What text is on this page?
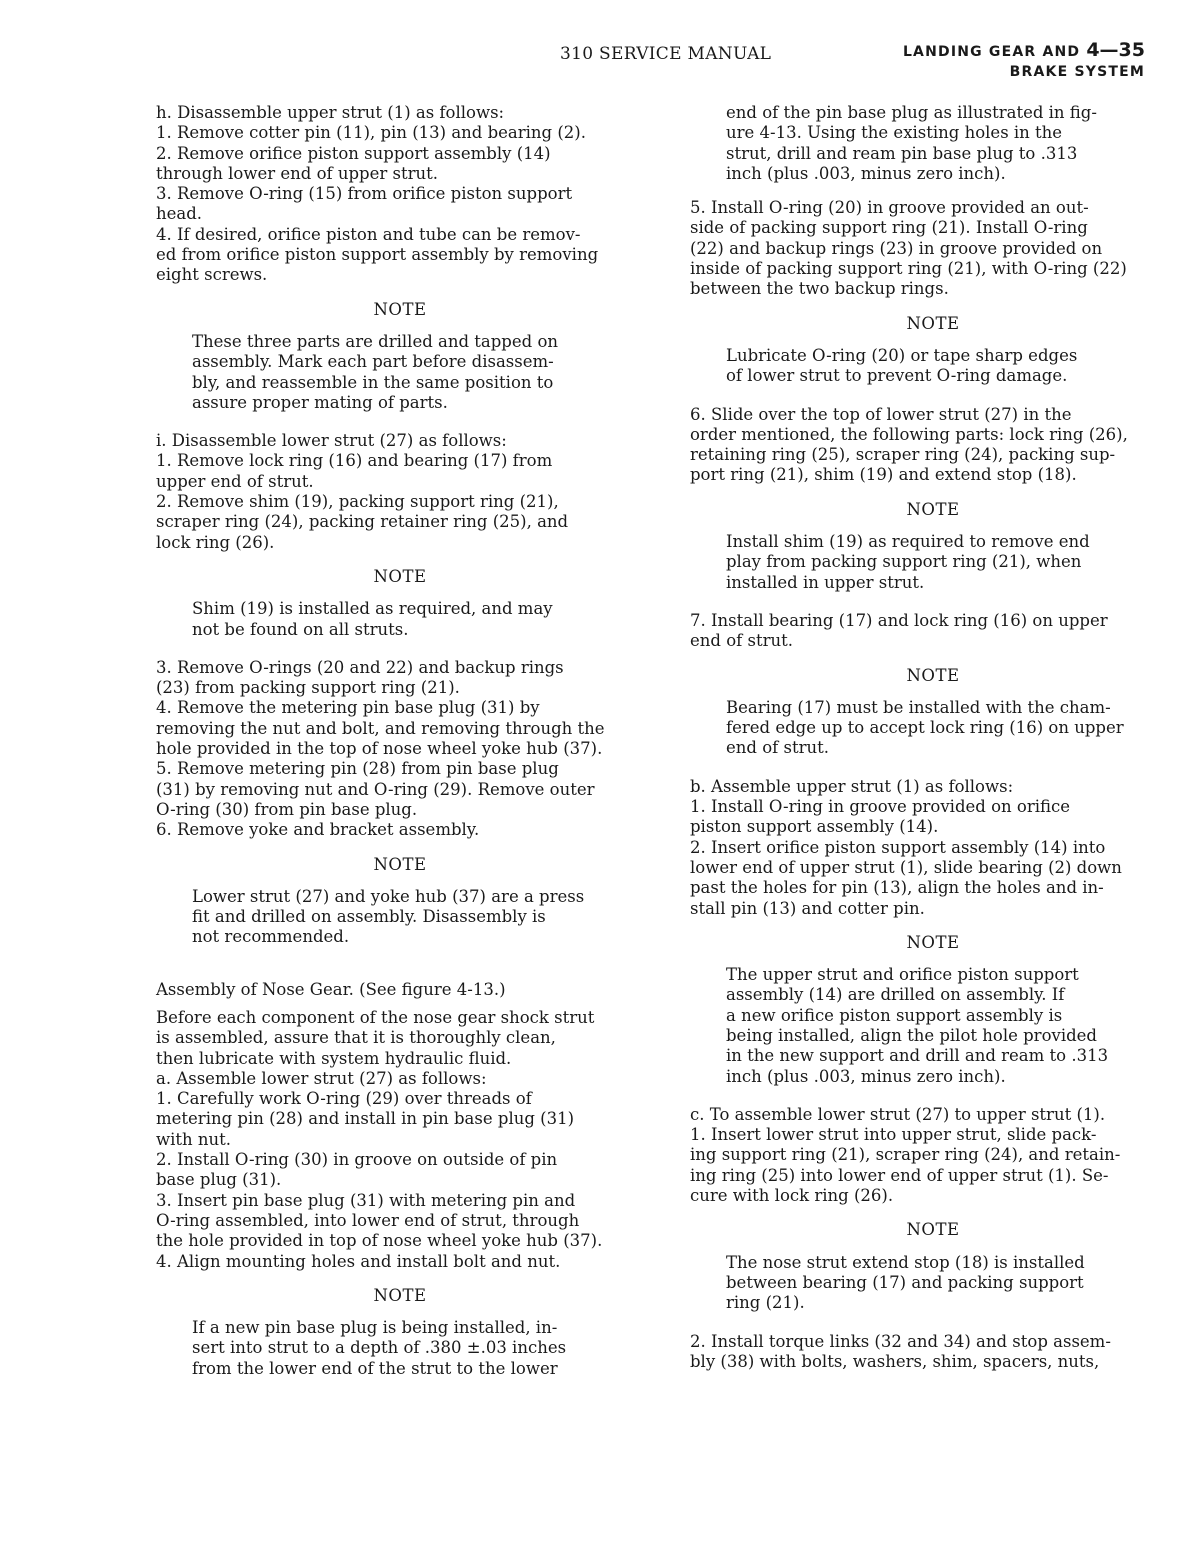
310 SERVICE MANUAL	LANDING GEAR AND 4—35
BRAKE SYSTEM

h. Disassemble upper strut (1) as follows:

1. Remove cotter pin (11), pin (13) and bearing (2).

2. Remove orifice piston support assembly (14)

through lower end of upper strut.

3. Remove O-ring (15) from orifice piston support

head.

4. If desired, orifice piston and tube can be remov-

ed from orifice piston support assembly by removing

eight screws.

NOTE
These three parts are drilled and tapped on
assembly. Mark each part before disassem-
bly, and reassemble in the same position to
assure proper mating of parts.

i. Disassemble lower strut (27) as follows:

1. Remove lock ring (16) and bearing (17) from

upper end of strut.

2. Remove shim (19), packing support ring (21),

scraper ring (24), packing retainer ring (25), and

lock ring (26).

NOTE
Shim (19) is installed as required, and may
not be found on all struts.

3. Remove O-rings (20 and 22) and backup rings

(23) from packing support ring (21).

4. Remove the metering pin base plug (31) by

removing the nut and bolt, and removing through the

hole provided in the top of nose wheel yoke hub (37).

5. Remove metering pin (28) from pin base plug

(31) by removing nut and O-ring (29). Remove outer

O-ring (30) from pin base plug.

6. Remove yoke and bracket assembly.

NOTE
Lower strut (27) and yoke hub (37) are a press
fit and drilled on assembly. Disassembly is
not recommended.

Assembly of Nose Gear. (See figure 4-13.)

Before each component of the nose gear shock strut

is assembled, assure that it is thoroughly clean,

then lubricate with system hydraulic fluid.

a. Assemble lower strut (27) as follows:

1. Carefully work O-ring (29) over threads of

metering pin (28) and install in pin base plug (31)

with nut.

2. Install O-ring (30) in groove on outside of pin

base plug (31).

3. Insert pin base plug (31) with metering pin and

O-ring assembled, into lower end of strut, through

the hole provided in top of nose wheel yoke hub (37).

4. Align mounting holes and install bolt and nut.

NOTE
If a new pin base plug is being installed, in-
sert into strut to a depth of .380 ±.03 inches
from the lower end of the strut to the lower
end of the pin base plug as illustrated in fig-
ure 4-13. Using the existing holes in the
strut, drill and ream pin base plug to .313
inch (plus .003, minus zero inch).

5. Install O-ring (20) in groove provided an out-

side of packing support ring (21). Install O-ring

(22) and backup rings (23) in groove provided on

inside of packing support ring (21), with O-ring (22)

between the two backup rings.

NOTE
Lubricate O-ring (20) or tape sharp edges
of lower strut to prevent O-ring damage.

6. Slide over the top of lower strut (27) in the

order mentioned, the following parts: lock ring (26),

retaining ring (25), scraper ring (24), packing sup-

port ring (21), shim (19) and extend stop (18).

NOTE
Install shim (19) as required to remove end
play from packing support ring (21), when
installed in upper strut.

7. Install bearing (17) and lock ring (16) on upper

end of strut.

NOTE
Bearing (17) must be installed with the cham-
fered edge up to accept lock ring (16) on upper
end of strut.

b. Assemble upper strut (1) as follows:

1. Install O-ring in groove provided on orifice

piston support assembly (14).

2. Insert orifice piston support assembly (14) into

lower end of upper strut (1), slide bearing (2) down

past the holes for pin (13), align the holes and in-

stall pin (13) and cotter pin.

NOTE
The upper strut and orifice piston support
assembly (14) are drilled on assembly. If
a new orifice piston support assembly is
being installed, align the pilot hole provided
in the new support and drill and ream to .313
inch (plus .003, minus zero inch).

c. To assemble lower strut (27) to upper strut (1).

1. Insert lower strut into upper strut, slide pack-

ing support ring (21), scraper ring (24), and retain-

ing ring (25) into lower end of upper strut (1). Se-

cure with lock ring (26).

NOTE
The nose strut extend stop (18) is installed
between bearing (17) and packing support
ring (21).

2. Install torque links (32 and 34) and stop assem-

bly (38) with bolts, washers, shim, spacers, nuts,
